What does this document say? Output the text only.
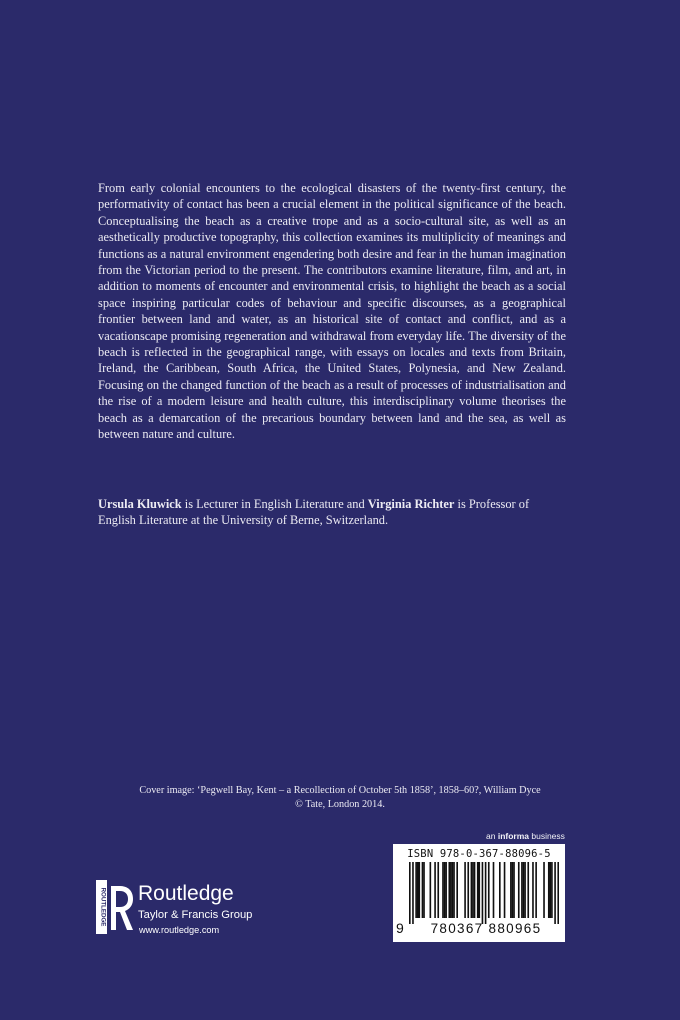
From early colonial encounters to the ecological disasters of the twenty-first century, the performativity of contact has been a crucial element in the political significance of the beach. Conceptualising the beach as a creative trope and as a socio-cultural site, as well as an aesthetically productive topography, this collection examines its multiplicity of meanings and functions as a natural environment engendering both desire and fear in the human imagination from the Victorian period to the present. The contributors examine literature, film, and art, in addition to moments of encounter and environmental crisis, to highlight the beach as a social space inspiring particular codes of behaviour and specific discourses, as a geographical frontier between land and water, as an historical site of contact and conflict, and as a vacationscape promising regeneration and withdrawal from everyday life. The diversity of the beach is reflected in the geographical range, with essays on locales and texts from Britain, Ireland, the Caribbean, South Africa, the United States, Polynesia, and New Zealand. Focusing on the changed function of the beach as a result of processes of industrialisation and the rise of a modern leisure and health culture, this interdisciplinary volume theorises the beach as a demarcation of the precarious boundary between land and the sea, as well as between nature and culture.

Ursula Kluwick is Lecturer in English Literature and Virginia Richter is Professor of English Literature at the University of Berne, Switzerland.

Cover image: ‘Pegwell Bay, Kent – a Recollection of October 5th 1858’, 1858–60?, William Dyce
© Tate, London 2014.
an informa business
ROUTLEDGE Routledge
Taylor & Francis Group
www.routledge.com
ISBN 978-0-367-88096-5
9	780367 880965
